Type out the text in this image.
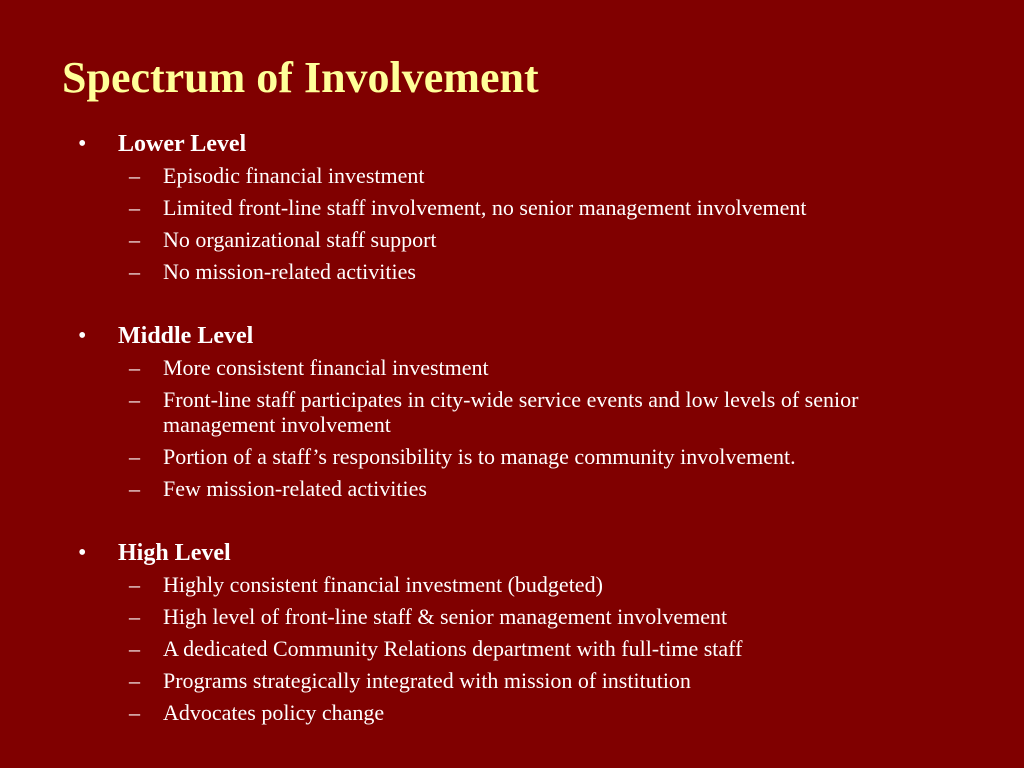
Spectrum of Involvement
• Lower Level
– Episodic financial investment
– Limited front-line staff involvement, no senior management involvement
– No organizational staff support
– No mission-related activities
• Middle Level
– More consistent financial investment
– Front-line staff participates in city-wide service events and low levels of senior management involvement
– Portion of a staff’s responsibility is to manage community involvement.
– Few mission-related activities
• High Level
– Highly consistent financial investment (budgeted)
– High level of front-line staff & senior management involvement
– A dedicated Community Relations department with full-time staff
– Programs strategically integrated with mission of institution
– Advocates policy change
